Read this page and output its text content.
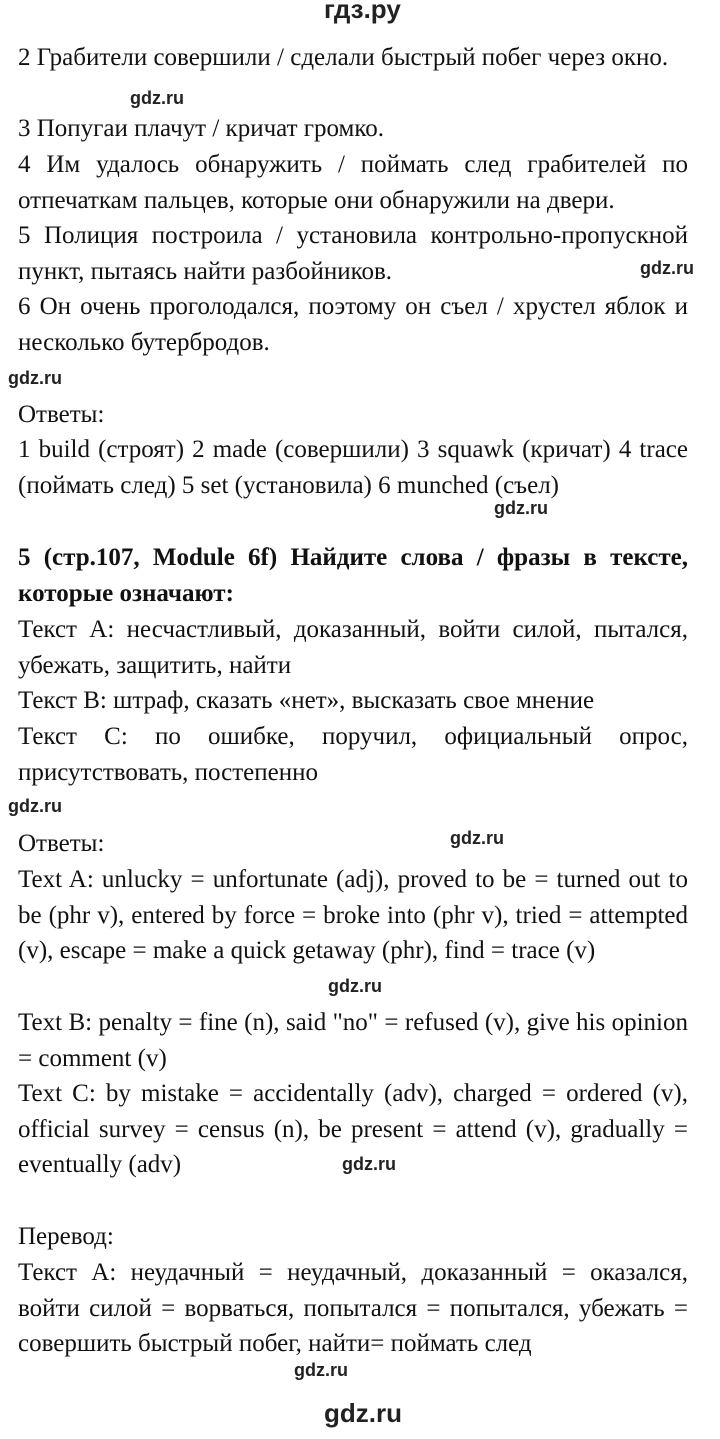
гдз.ру

2 Грабители совершили / сделали быстрый побег через окно.

gdz.ru

3 Попугаи плачут / кричат громко.

4 Им удалось обнаружить / поймать след грабителей по отпечаткам пальцев, которые они обнаружили на двери.

5 Полиция построила / установила контрольно-пропускной пункт, пытаясь найти разбойников.	gdz.ru

6 Он очень проголодался, поэтому он съел / хрустел яблок и несколько бутербродов.

gdz.ru

Ответы:

1 build (строят) 2 made (совершили) 3 squawk (кричат) 4 trace (поймать след) 5 set (установила) 6 munched (съел)

gdz.ru

5 (стр.107, Module 6f) Найдите слова / фразы в тексте, которые означают:

Текст А: несчастливый, доказанный, войти силой, пытался, убежать, защитить, найти

Текст В: штраф, сказать «нет», высказать свое мнение

Текст С: по ошибке, поручил, официальный опрос, присутствовать, постепенно

gdz.ru

Ответы:	gdz.ru

Text A: unlucky = unfortunate (adj), proved to be = turned out to be (phr v), entered by force = broke into (phr v), tried = attempted (v), escape = make a quick getaway (phr), find = trace (v)

gdz.ru

Text B: penalty = fine (n), said "no" = refused (v), give his opinion = comment (v)

Text C: by mistake = accidentally (adv), charged = ordered (v), official survey = census (n), be present = attend (v), gradually = eventually (adv)	gdz.ru

Перевод:

Текст А: неудачный = неудачный, доказанный = оказался, войти силой = ворваться, попытался = попытался, убежать = совершить быстрый побег, найти= поймать след

gdz.ru

gdz.ru
